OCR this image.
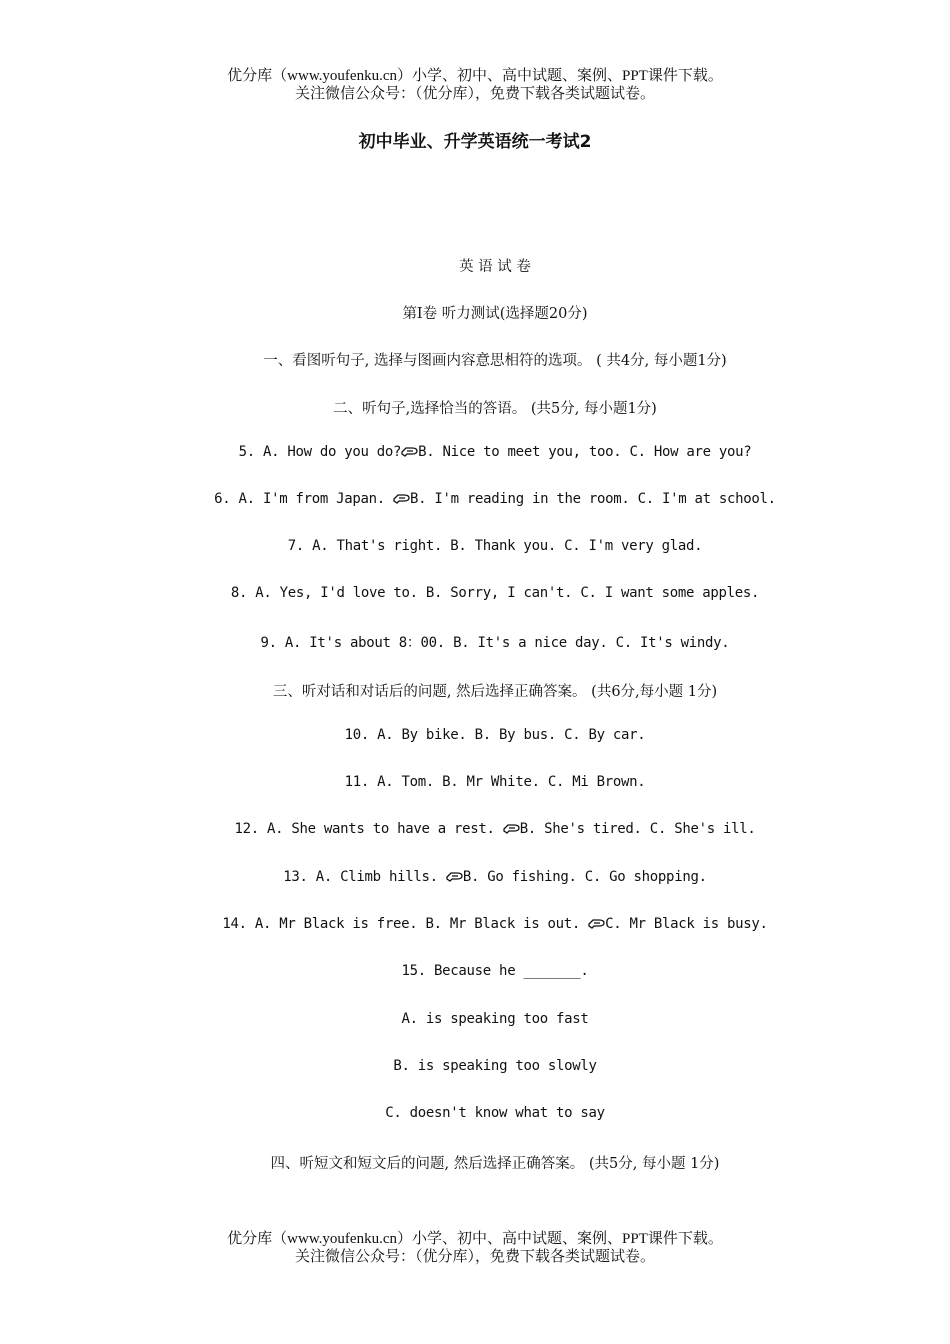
优分库（www.youfenku.cn）小学、初中、高中试题、案例、PPT课件下载。
关注微信公众号：（优分库），免费下载各类试题试卷。
初中毕业、升学英语统一考试2
英 语 试 卷
第Ⅰ卷 听力测试(选择题20分)
一、看图听句子, 选择与图画内容意思相符的选项。 ( 共4分, 每小题1分)
二、听句子,选择恰当的答语。 (共5分, 每小题1分)
5. A. How do you do? B. Nice to meet you, too. C. How are you?
6. A. I'm from Japan. B. I'm reading in the room. C. I'm at school.
7. A. That's right. B. Thank you. C. I'm very glad.
8. A. Yes, I'd love to. B. Sorry, I can't. C. I want some apples.
9. A. It's about 8：00. B. It's a nice day. C. It's windy.
三、听对话和对话后的问题, 然后选择正确答案。 (共6分,每小题 1分)
10. A. By bike. B. By bus. C. By car.
11. A. Tom. B. Mr White. C. Mi Brown.
12. A. She wants to have a rest. B. She's tired. C. She's ill.
13. A. Climb hills. B. Go fishing. C. Go shopping.
14. A. Mr Black is free. B. Mr Black is out. C. Mr Black is busy.
15. Because he _______.
A. is speaking too fast
B. is speaking too slowly
C. doesn't know what to say
四、听短文和短文后的问题, 然后选择正确答案。 (共5分, 每小题 1分)
优分库（www.youfenku.cn）小学、初中、高中试题、案例、PPT课件下载。
关注微信公众号：（优分库），免费下载各类试题试卷。
